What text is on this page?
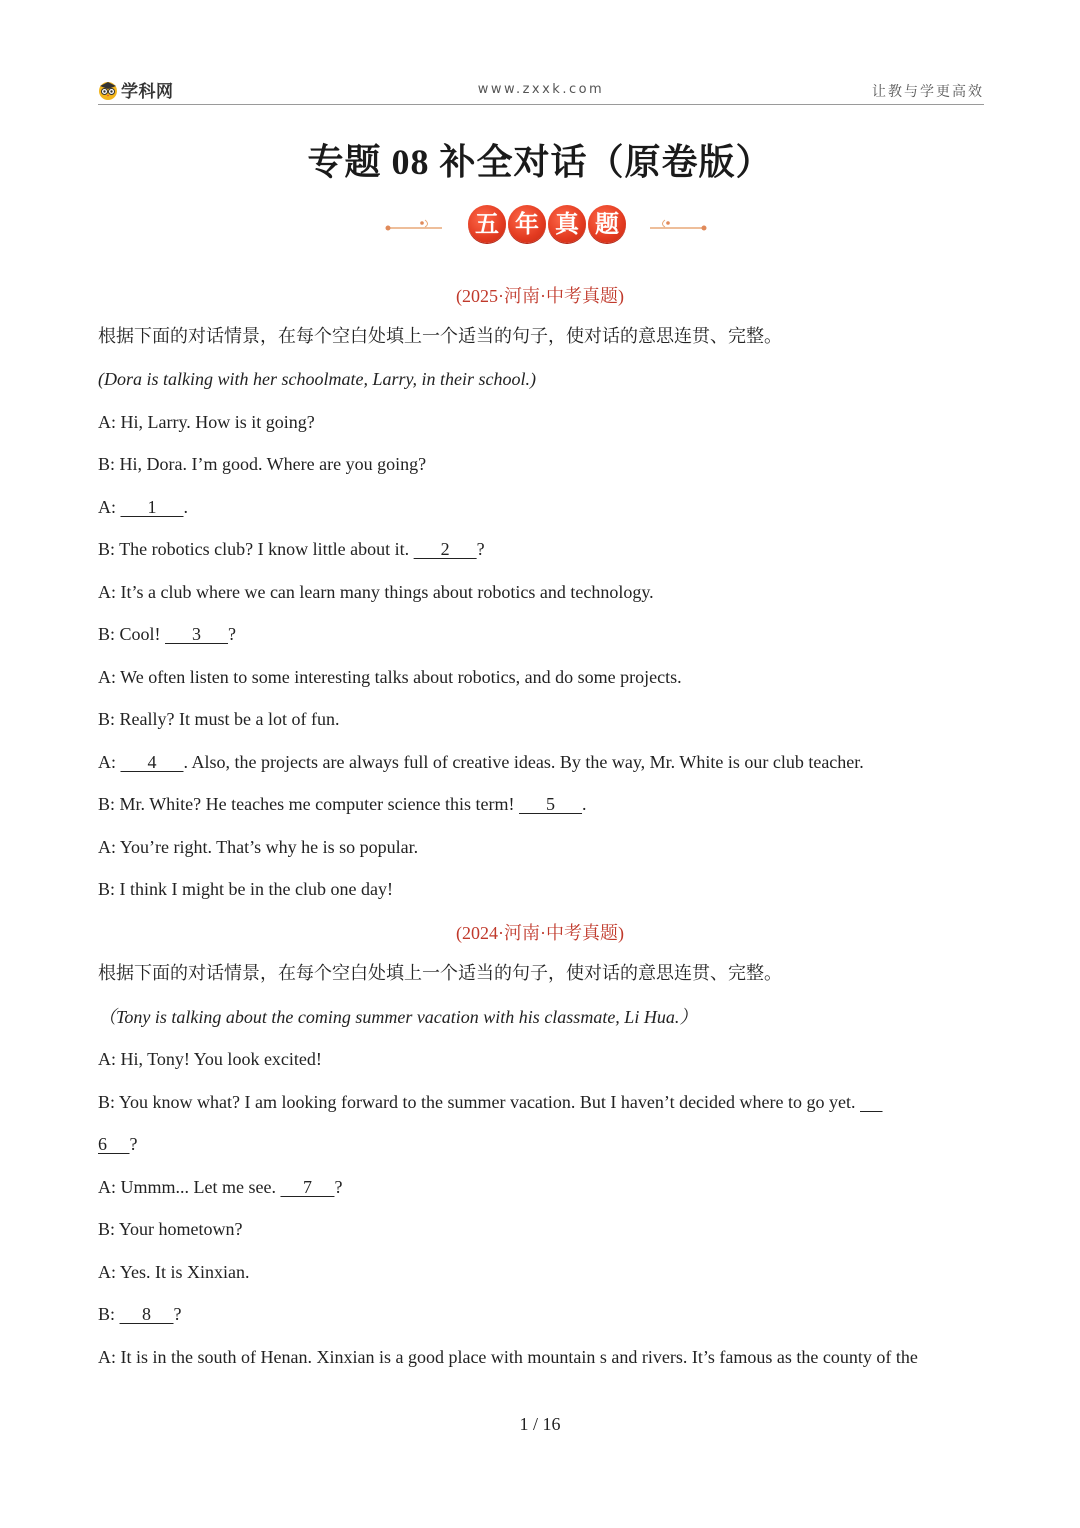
学科网	www.zxxk.com	让教与学更高效
专题 08 补全对话（原卷版）
五 年 真 题
(2025·河南·中考真题)
根据下面的对话情景，在每个空白处填上一个适当的句子，使对话的意思连贯、完整。
(Dora is talking with her schoolmate, Larry, in their school.)
A: Hi, Larry. How is it going?
B: Hi, Dora. I’m good. Where are you going?
A:       1      .
B: The robotics club? I know little about it.       2      ?
A: It’s a club where we can learn many things about robotics and technology.
B: Cool!       3      ?
A: We often listen to some interesting talks about robotics, and do some projects.
B: Really? It must be a lot of fun.
A:       4      . Also, the projects are always full of creative ideas. By the way, Mr. White is our club teacher.
B: Mr. White? He teaches me computer science this term!       5      .
A: You’re right. That’s why he is so popular.
B: I think I might be in the club one day!
(2024·河南·中考真题)
根据下面的对话情景，在每个空白处填上一个适当的句子，使对话的意思连贯、完整。
（Tony is talking about the coming summer vacation with his classmate, Li Hua.）
A: Hi, Tony! You look excited!
B: You know what? I am looking forward to the summer vacation. But I haven’t decided where to go yet.
6     ?
A: Ummm... Let me see.      7     ?
B: Your hometown?
A: Yes. It is Xinxian.
B:      8     ?
A: It is in the south of Henan. Xinxian is a good place with mountain s and rivers. It’s famous as the county of the
1 / 16
